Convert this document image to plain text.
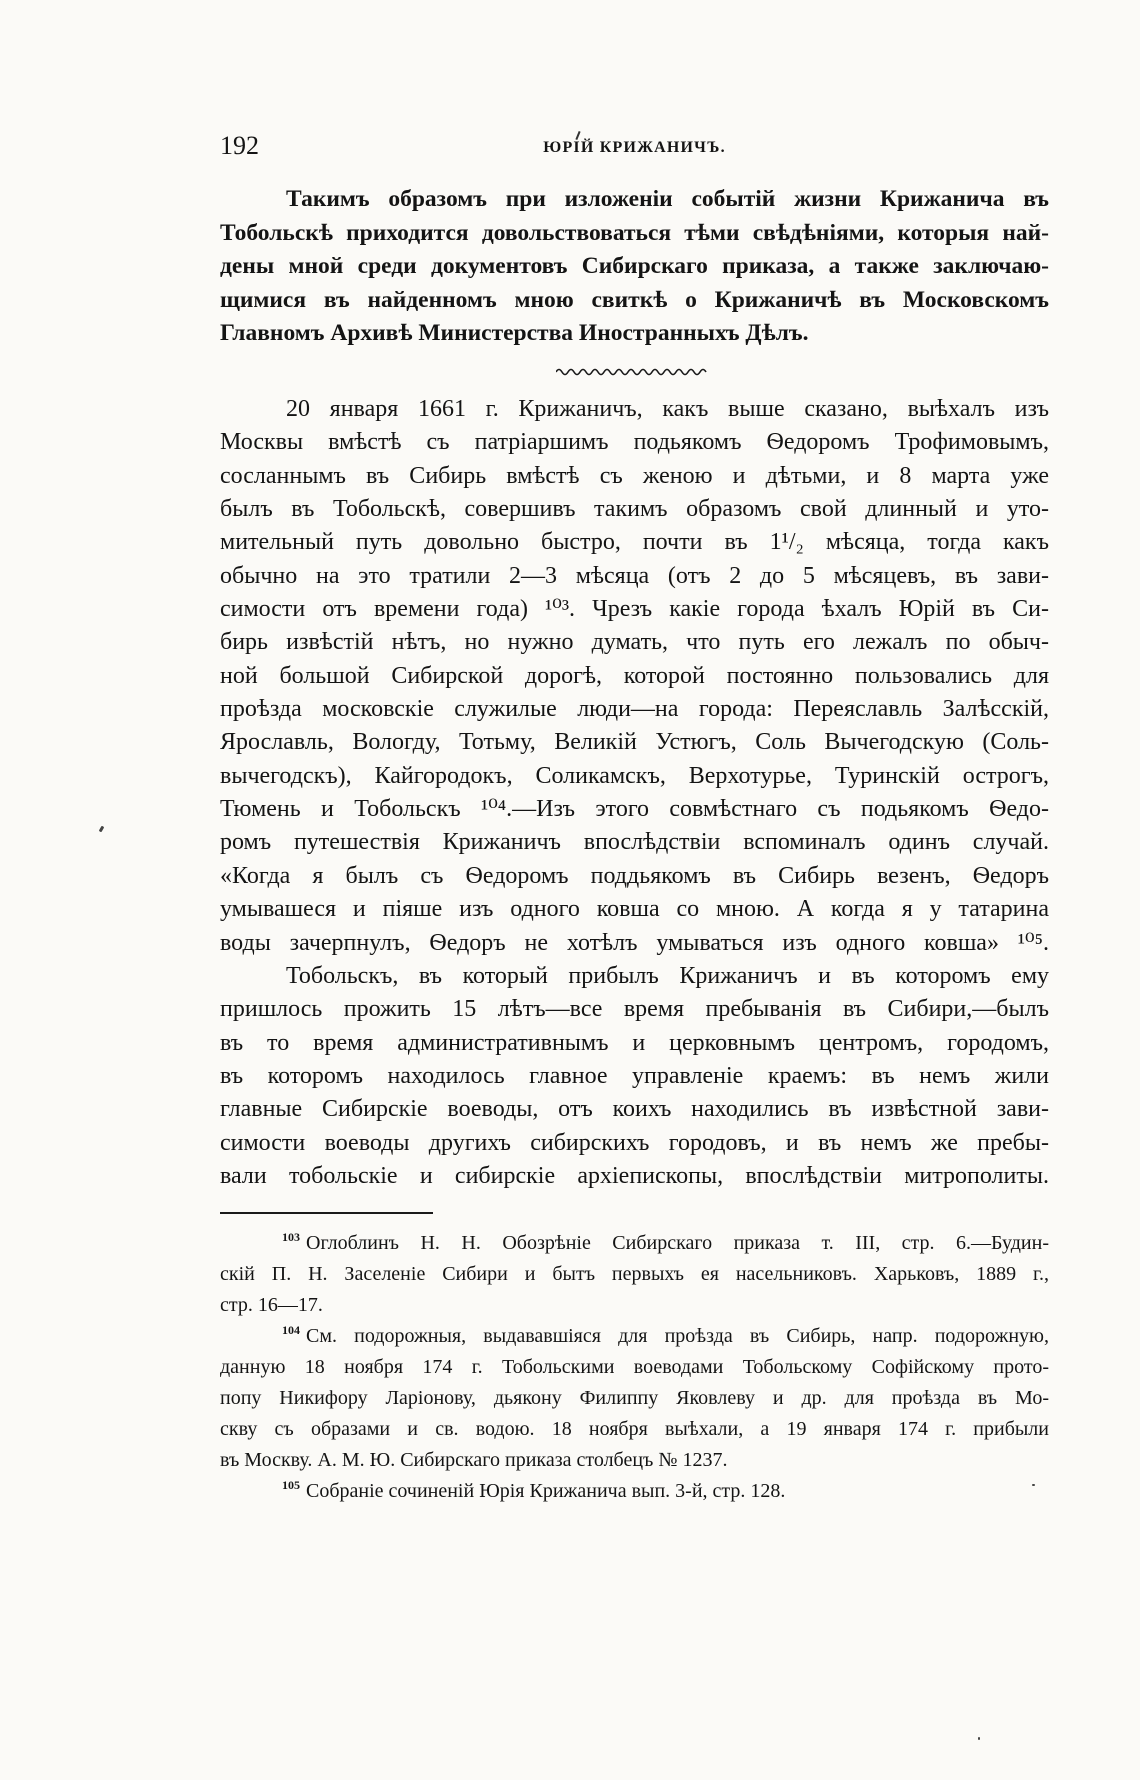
192	ЮРІЙ КРИЖАНИЧЪ.
Такимъ образомъ при изложеніи событій жизни Крижанича въ
Тобольскѣ приходится довольствоваться тѣми свѣдѣніями, которыя най-
дены мной среди документовъ Сибирскаго приказа, а также заключаю-
щимися въ найденномъ мною свиткѣ о Крижаничѣ въ Московскомъ
Главномъ Архивѣ Министерства Иностранныхъ Дѣлъ.
20 января 1661 г. Крижаничъ, какъ выше сказано, выѣхалъ изъ
Москвы вмѣстѣ съ патріаршимъ подьякомъ Ѳедоромъ Трофимовымъ,
сосланнымъ въ Сибирь вмѣстѣ съ женою и дѣтьми, и 8 марта уже
былъ въ Тобольскѣ, совершивъ такимъ образомъ свой длинный и уто-
мительный путь довольно быстро, почти въ 1¹/₂ мѣсяца, тогда какъ
обычно на это тратили 2—3 мѣсяца (отъ 2 до 5 мѣсяцевъ, въ зави-
симости отъ времени года) ¹⁰³. Чрезъ какіе города ѣхалъ Юрій въ Си-
бирь извѣстій нѣтъ, но нужно думать, что путь его лежалъ по обыч-
ной большой Сибирской дорогѣ, которой постоянно пользовались для
проѣзда московскіе служилые люди—на города: Переяславль Залѣсскій,
Ярославль, Вологду, Тотьму, Великій Устюгъ, Соль Вычегодскую (Соль-
вычегодскъ), Кайгородокъ, Соликамскъ, Верхотурье, Туринскій острогъ,
Тюмень и Тобольскъ ¹⁰⁴.—Изъ этого совмѣстнаго съ подьякомъ Ѳедо-
ромъ путешествія Крижаничъ впослѣдствіи вспоминалъ одинъ случай.
«Когда я былъ съ Ѳедоромъ поддьякомъ въ Сибирь везенъ, Ѳедоръ
умывашеся и піяше изъ одного ковша со мною. А когда я у татарина
воды зачерпнулъ, Ѳедоръ не хотѣлъ умываться изъ одного ковша» ¹⁰⁵.
Тобольскъ, въ который прибылъ Крижаничъ и въ которомъ ему
пришлось прожить 15 лѣтъ—все время пребыванія въ Сибири,—былъ
въ то время административнымъ и церковнымъ центромъ, городомъ,
въ которомъ находилось главное управленіе краемъ: въ немъ жили
главные Сибирскіе воеводы, отъ коихъ находились въ извѣстной зави-
симости воеводы другихъ сибирскихъ городовъ, и въ немъ же пребы-
вали тобольскіе и сибирскіе архіепископы, впослѣдствіи митрополиты.
$^{103}$ Оглоблинъ Н. Н. Обозрѣніе Сибирскаго приказа т. III, стр. 6.—Будин-
скій П. Н. Заселеніе Сибири и бытъ первыхъ ея насельниковъ. Харьковъ, 1889 г.,
стр. 16—17.
$^{104}$ См. подорожныя, выдававшіяся для проѣзда въ Сибирь, напр. подорожную,
данную 18 ноября 174 г. Тобольскими воеводами Тобольскому Софійскому прото-
попу Никифору Ларіонову, дьякону Филиппу Яковлеву и др. для проѣзда въ Мо-
скву съ образами и св. водою. 18 ноября выѣхали, а 19 января 174 г. прибыли
въ Москву. А. М. Ю. Сибирскаго приказа столбецъ № 1237.
$^{105}$ Собраніе сочиненій Юрія Крижанича вып. 3-й, стр. 128.
